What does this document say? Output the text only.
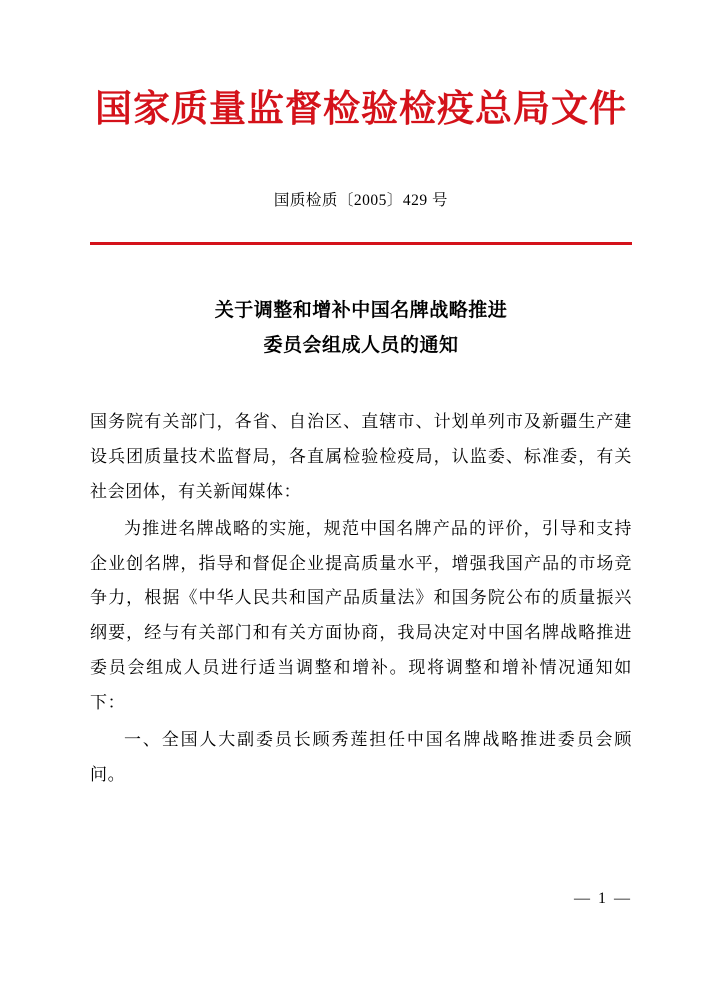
国家质量监督检验检疫总局文件
国质检质〔2005〕429 号
关于调整和增补中国名牌战略推进
委员会组成人员的通知

国务院有关部门，各省、自治区、直辖市、计划单列市及新疆生产建设兵团质量技术监督局，各直属检验检疫局，认监委、标准委，有关社会团体，有关新闻媒体：

为推进名牌战略的实施，规范中国名牌产品的评价，引导和支持企业创名牌，指导和督促企业提高质量水平，增强我国产品的市场竞争力，根据《中华人民共和国产品质量法》和国务院公布的质量振兴纲要，经与有关部门和有关方面协商，我局决定对中国名牌战略推进委员会组成人员进行适当调整和增补。现将调整和增补情况通知如下：

一、全国人大副委员长顾秀莲担任中国名牌战略推进委员会顾问。

— 1 —
